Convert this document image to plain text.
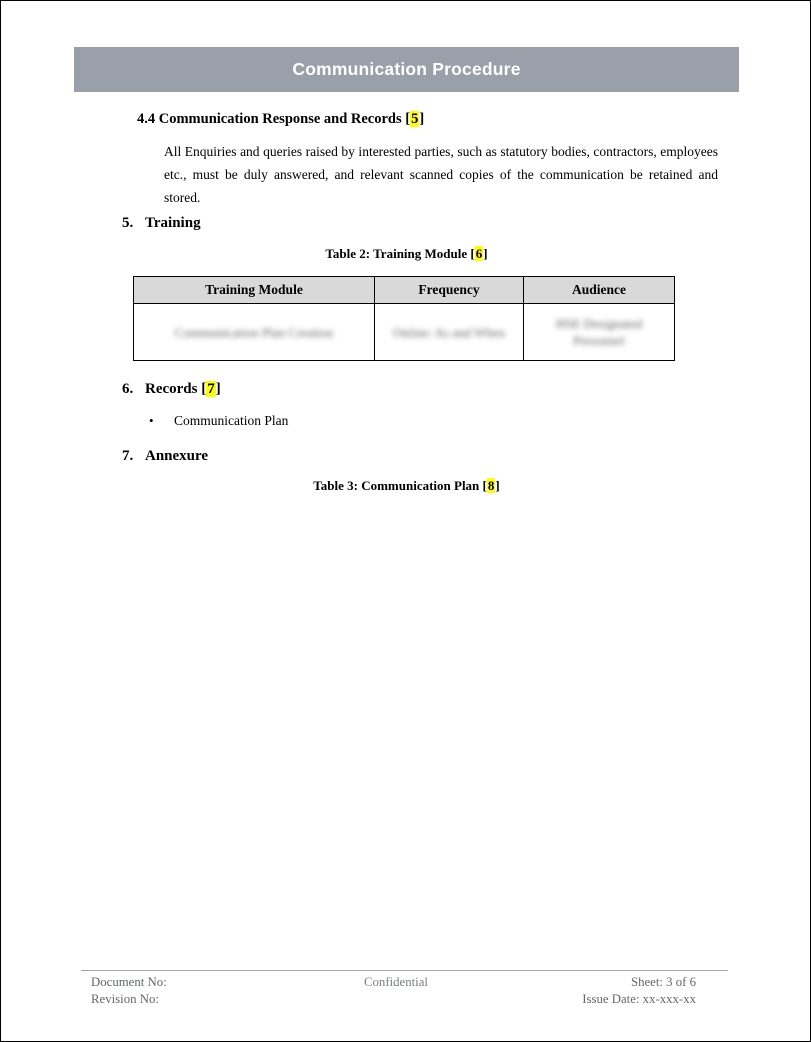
Communication Procedure
4.4 Communication Response and Records [5]

All Enquiries and queries raised by interested parties, such as statutory bodies, contractors, employees etc., must be duly answered, and relevant scanned copies of the communication be retained and stored.

5. Training
Table 2: Training Module [6]
Training Module	Frequency	Audience
Communication Plan Creation	Online: As and When	HSE Designated Personnel
6. Records [7]
• Communication Plan
7. Annexure
Table 3: Communication Plan [8]
Document No:
Revision No:
Confidential	Sheet: 3 of 6
Issue Date: xx-xxx-xx
